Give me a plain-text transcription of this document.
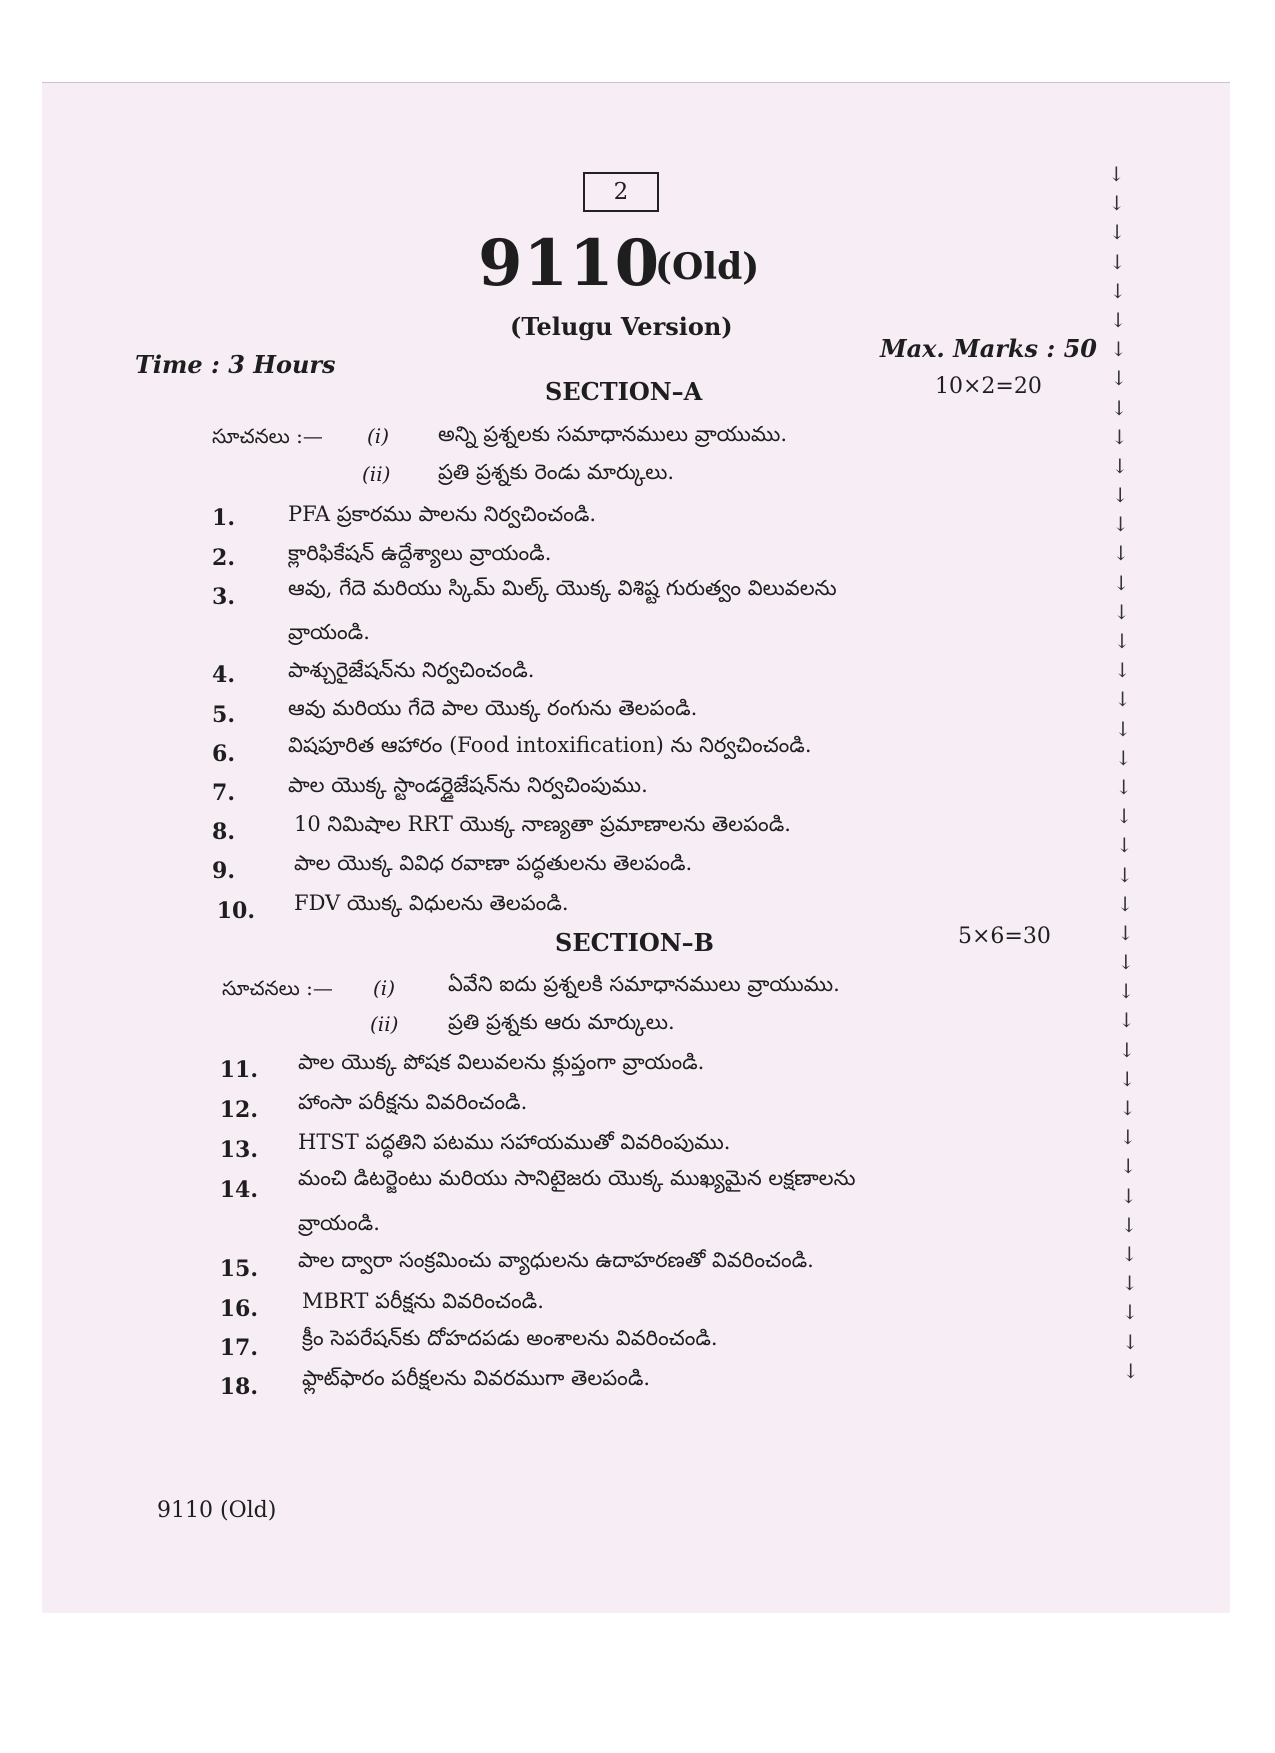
2
9110
(Old)
(Telugu Version)
Time : 3 Hours
Max. Marks : 50
SECTION–A	10×2=20
సూచనలు :— (i) అన్ని ప్రశ్నలకు సమాధానములు వ్రాయుము.
(ii) ప్రతి ప్రశ్నకు రెండు మార్కులు.
1.	PFA ప్రకారము పాలను నిర్వచించండి.
2.	క్లారిఫికేషన్ ఉద్దేశ్యాలు వ్రాయండి.
3.	ఆవు, గేదె మరియు స్కిమ్ మిల్క్ యొక్క విశిష్ట గురుత్వం విలువలను
వ్రాయండి.
4.	పాశ్చురైజేషన్‌ను నిర్వచించండి.
5.	ఆవు మరియు గేదె పాల యొక్క రంగును తెలపండి.
6.	విషపూరిత ఆహారం (Food intoxification) ను నిర్వచించండి.
7.	పాల యొక్క స్టాండర్డైజేషన్‌ను నిర్వచింపుము.
8.	10 నిమిషాల RRT యొక్క నాణ్యతా ప్రమాణాలను తెలపండి.
9.	పాల యొక్క వివిధ రవాణా పద్ధతులను తెలపండి.
10. FDV యొక్క విధులను తెలపండి.
SECTION–B	5×6=30
సూచనలు :— (i)	ఏవేని ఐదు ప్రశ్నలకి సమాధానములు వ్రాయుము.
(ii) ప్రతి ప్రశ్నకు ఆరు మార్కులు.
11. పాల యొక్క పోషక విలువలను క్లుప్తంగా వ్రాయండి.
12. హాంసా పరీక్షను వివరించండి.
13. HTST పద్ధతిని పటము సహాయముతో వివరింపుము.
14. మంచి డిటర్జెంటు మరియు సానిటైజరు యొక్క ముఖ్యమైన లక్షణాలను
వ్రాయండి.
15. పాల ద్వారా సంక్రమించు వ్యాధులను ఉదాహరణతో వివరించండి.
16. MBRT పరీక్షను వివరించండి.
17. క్రీం సెపరేషన్‌కు దోహదపడు అంశాలను వివరించండి.
18. ఫ్లాట్‌ఫారం పరీక్షలను వివరముగా తెలపండి.
9110 (Old)
↓
↓
↓
↓
↓
↓
↓
↓
↓
↓
↓
↓
↓
↓
↓
↓
↓
↓
↓
↓
↓
↓
↓
↓
↓
↓
↓
↓
↓
↓
↓
↓
↓
↓
↓
↓
↓
↓
↓
↓
↓
↓
